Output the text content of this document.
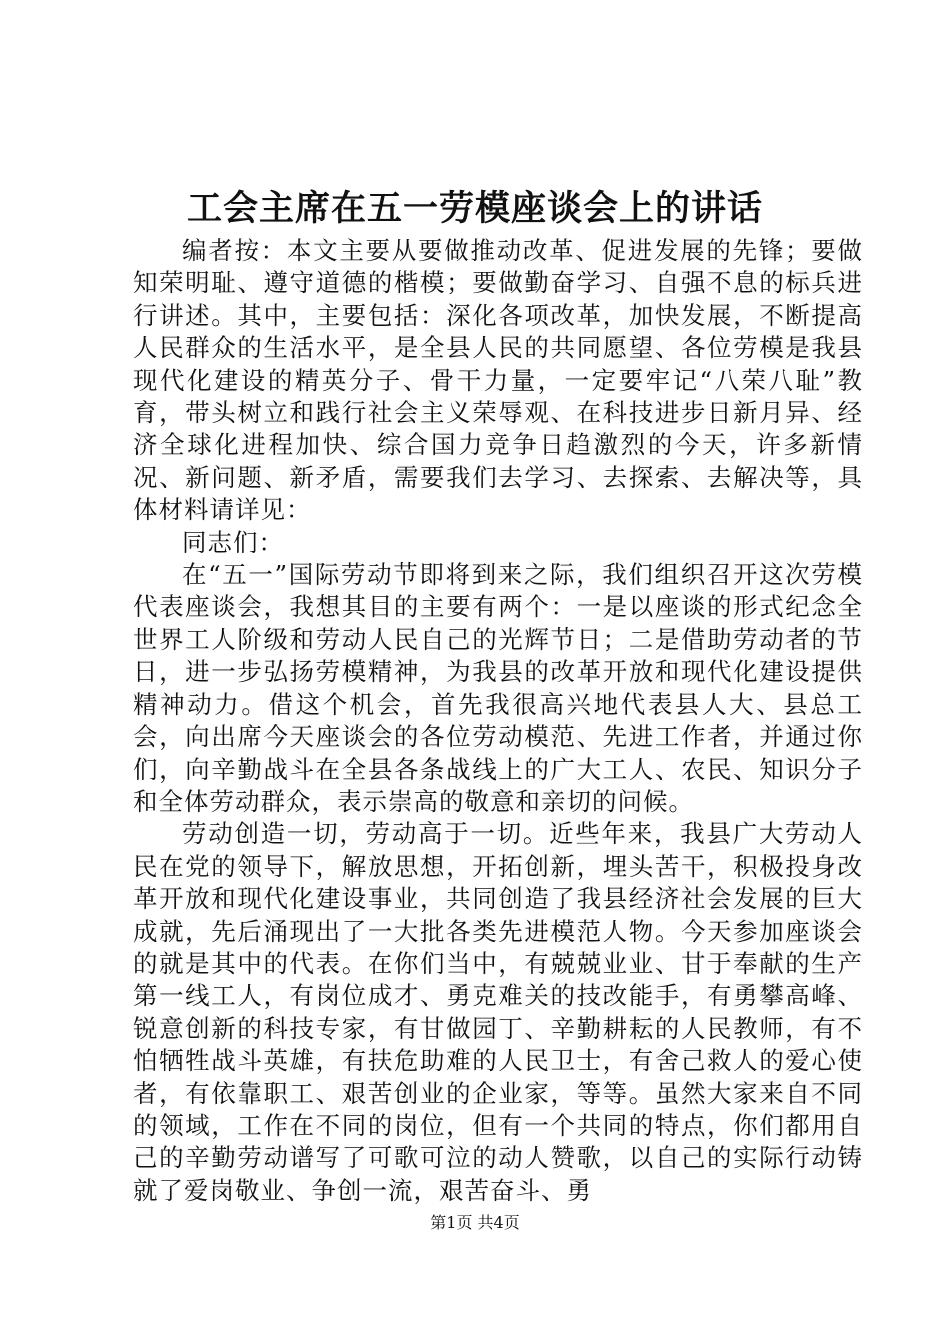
工会主席在五一劳模座谈会上的讲话

编者按：本文主要从要做推动改革、促进发展的先锋；要做知荣明耻、遵守道德的楷模；要做勤奋学习、自强不息的标兵进行讲述。其中，主要包括：深化各项改革，加快发展，不断提高人民群众的生活水平，是全县人民的共同愿望、各位劳模是我县现代化建设的精英分子、骨干力量，一定要牢记“八荣八耻”教育，带头树立和践行社会主义荣辱观、在科技进步日新月异、经济全球化进程加快、综合国力竞争日趋激烈的今天，许多新情况、新问题、新矛盾，需要我们去学习、去探索、去解决等，具体材料请详见：

同志们：

在“五一”国际劳动节即将到来之际，我们组织召开这次劳模代表座谈会，我想其目的主要有两个：一是以座谈的形式纪念全世界工人阶级和劳动人民自己的光辉节日；二是借助劳动者的节日，进一步弘扬劳模精神，为我县的改革开放和现代化建设提供精神动力。借这个机会，首先我很高兴地代表县人大、县总工会，向出席今天座谈会的各位劳动模范、先进工作者，并通过你们，向辛勤战斗在全县各条战线上的广大工人、农民、知识分子和全体劳动群众，表示崇高的敬意和亲切的问候。

劳动创造一切，劳动高于一切。近些年来，我县广大劳动人民在党的领导下，解放思想，开拓创新，埋头苦干，积极投身改革开放和现代化建设事业，共同创造了我县经济社会发展的巨大成就，先后涌现出了一大批各类先进模范人物。今天参加座谈会的就是其中的代表。在你们当中，有兢兢业业、甘于奉献的生产第一线工人，有岗位成才、勇克难关的技改能手，有勇攀高峰、锐意创新的科技专家，有甘做园丁、辛勤耕耘的人民教师，有不怕牺牲战斗英雄，有扶危助难的人民卫士，有舍己救人的爱心使者，有依靠职工、艰苦创业的企业家，等等。虽然大家来自不同的领域，工作在不同的岗位，但有一个共同的特点，你们都用自己的辛勤劳动谱写了可歌可泣的动人赞歌，以自己的实际行动铸就了爱岗敬业、争创一流，艰苦奋斗、勇

第1页 共4页
